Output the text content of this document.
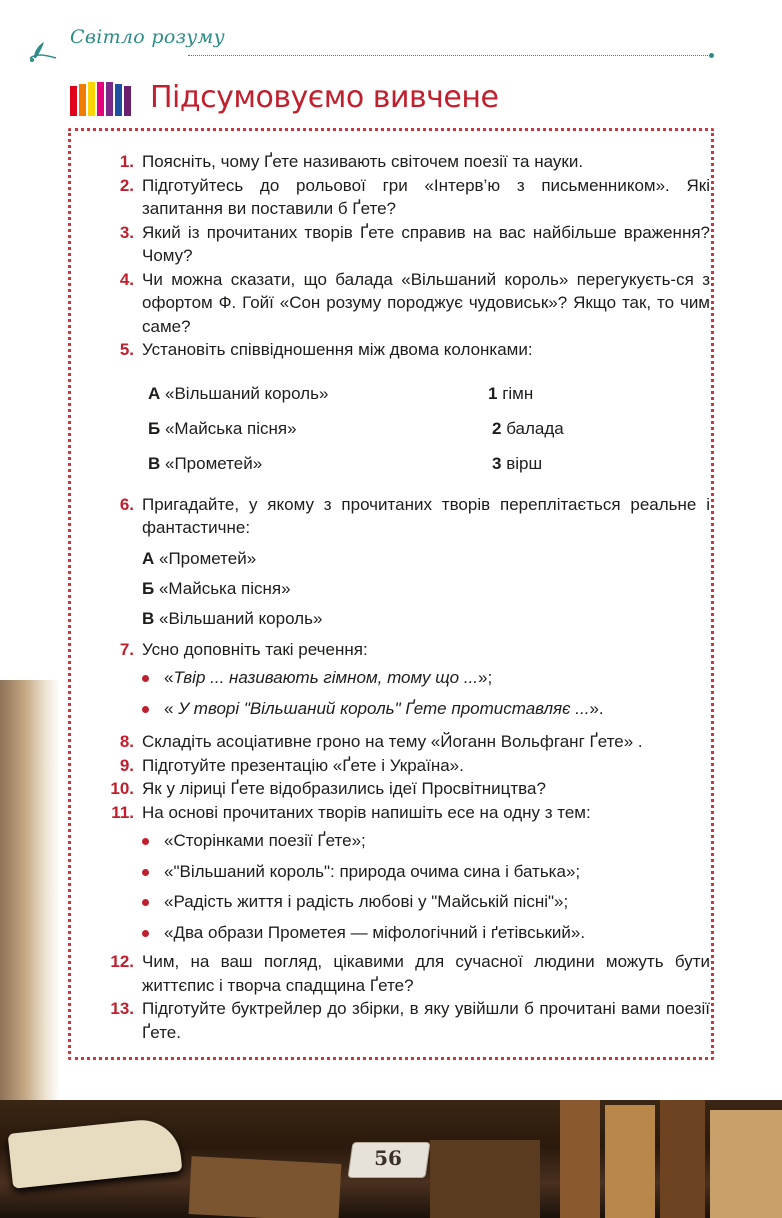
Світло розуму
Підсумовуємо вивчене
1. Поясніть, чому Ґете називають світочем поезії та науки.
2. Підготуйтесь до рольової гри «Інтерв’ю з письменником». Які запитання ви поставили б Ґете?
3. Який із прочитаних творів Ґете справив на вас найбільше враження? Чому?
4. Чи можна сказати, що балада «Вільшаний король» перегукуєть-ся з офортом Ф. Гойї «Сон розуму породжує чудовиськ»? Якщо так, то чим саме?
5. Установіть співвідношення між двома колонками:
А «Вільшаний король»	1 гімн
Б «Майська пісня»	2 балада
В «Прометей»	3 вірш
6. Пригадайте, у якому з прочитаних творів переплітається реальне і фантастичне:
А «Прометей»
Б «Майська пісня»
В «Вільшаний король»
7. Усно доповніть такі речення:
«Твір ... називають гімном, тому що ...»;
« У творі "Вільшаний король" Ґете протиставляє ...».
8. Складіть асоціативне гроно на тему «Йоганн Вольфганг Ґете» .
9. Підготуйте презентацію «Ґете і Україна».
10. Як у ліриці Ґете відобразились ідеї Просвітництва?
11. На основі прочитаних творів напишіть есе на одну з тем:
«Сторінками поезії Ґете»;
«"Вільшаний король": природа очима сина і батька»;
«Радість життя і радість любові у "Майській пісні"»;
«Два образи Прометея — міфологічний і ґетівський».
12. Чим, на ваш погляд, цікавими для сучасної людини можуть бути життєпис і творча спадщина Ґете?
13. Підготуйте буктрейлер до збірки, в яку увійшли б прочитані вами поезії Ґете.
56
